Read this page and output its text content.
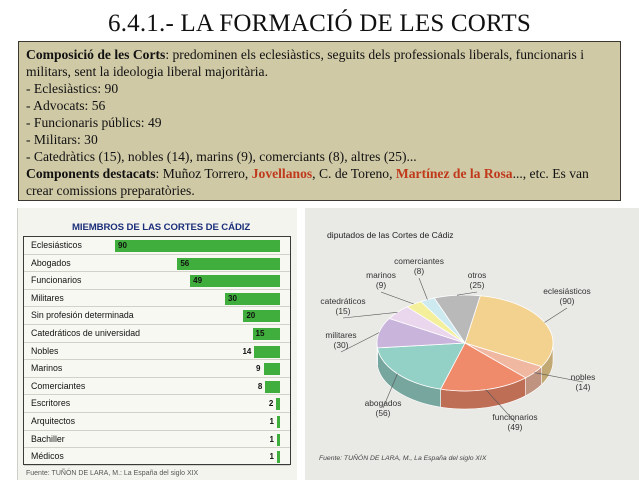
6.4.1.- LA FORMACIÓ DE LES CORTS

Composició de les Corts: predominen els eclesiàstics, seguits dels professionals liberals, funcionaris i militars, sent la ideologia liberal majoritària.

- Eclesiàstics: 90

- Advocats: 56

- Funcionaris públics: 49

- Militars: 30

- Catedràtics (15), nobles (14), marins (9), comerciants (8), altres (25)...

Components destacats: Muñoz Torrero, Jovellanos, C. de Toreno, Martínez de la Rosa..., etc. Es van crear comissions preparatòries.

MIEMBROS DE LAS CORTES DE CÁDIZ
Eclesiásticos	90
Abogados	56
Funcionarios	49
Militares	30
Sin profesión determinada	20
Catedráticos de universidad	15
Nobles	14
Marinos	9
Comerciantes	8
Escritores	2
Arquitectos	1
Bachiller	1
Médicos	1
Fuente: TUÑÓN DE LARA, M.: La España del siglo XIX
diputados de las Cortes de Cádiz
eclesiásticos
(90)
nobles
(14)
funcionarios
(49)
abogados
(56)
militares
(30)
catedráticos
(15)
marinos
(9)
comerciantes
(8)	otros
(25)
Fuente: TUÑÓN DE LARA, M., La España del siglo XIX
